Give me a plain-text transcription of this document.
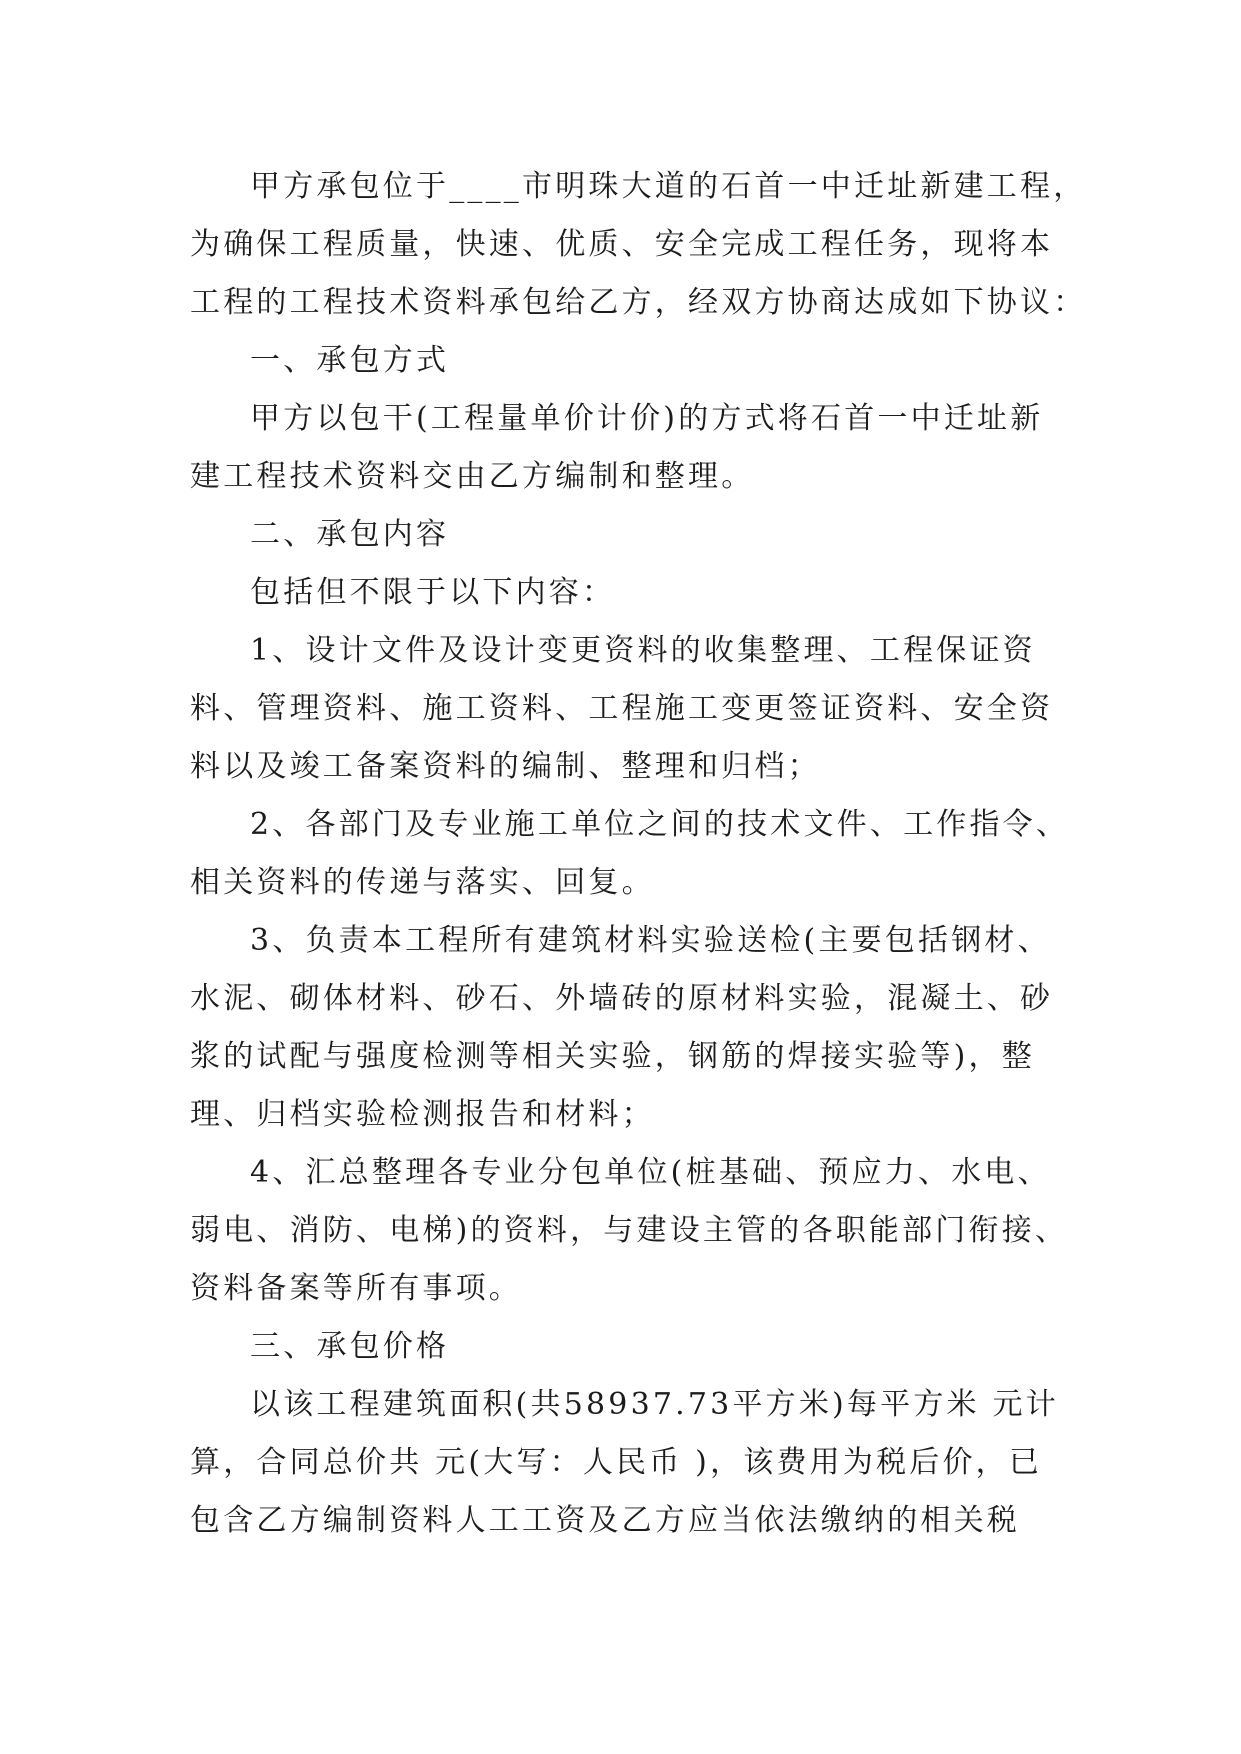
甲方承包位于____市明珠大道的石首一中迁址新建工程，
为确保工程质量，快速、优质、安全完成工程任务，现将本
工程的工程技术资料承包给乙方，经双方协商达成如下协议：
一、承包方式
甲方以包干(工程量单价计价)的方式将石首一中迁址新
建工程技术资料交由乙方编制和整理。
二、承包内容
包括但不限于以下内容：
1、设计文件及设计变更资料的收集整理、工程保证资
料、管理资料、施工资料、工程施工变更签证资料、安全资
料以及竣工备案资料的编制、整理和归档；
2、各部门及专业施工单位之间的技术文件、工作指令、
相关资料的传递与落实、回复。
3、负责本工程所有建筑材料实验送检(主要包括钢材、
水泥、砌体材料、砂石、外墙砖的原材料实验，混凝土、砂
浆的试配与强度检测等相关实验，钢筋的焊接实验等)，整
理、归档实验检测报告和材料；
4、汇总整理各专业分包单位(桩基础、预应力、水电、
弱电、消防、电梯)的资料，与建设主管的各职能部门衔接、
资料备案等所有事项。
三、承包价格
以该工程建筑面积(共58937.73平方米)每平方米 元计
算，合同总价共 元(大写：人民币 )，该费用为税后价，已
包含乙方编制资料人工工资及乙方应当依法缴纳的相关税
